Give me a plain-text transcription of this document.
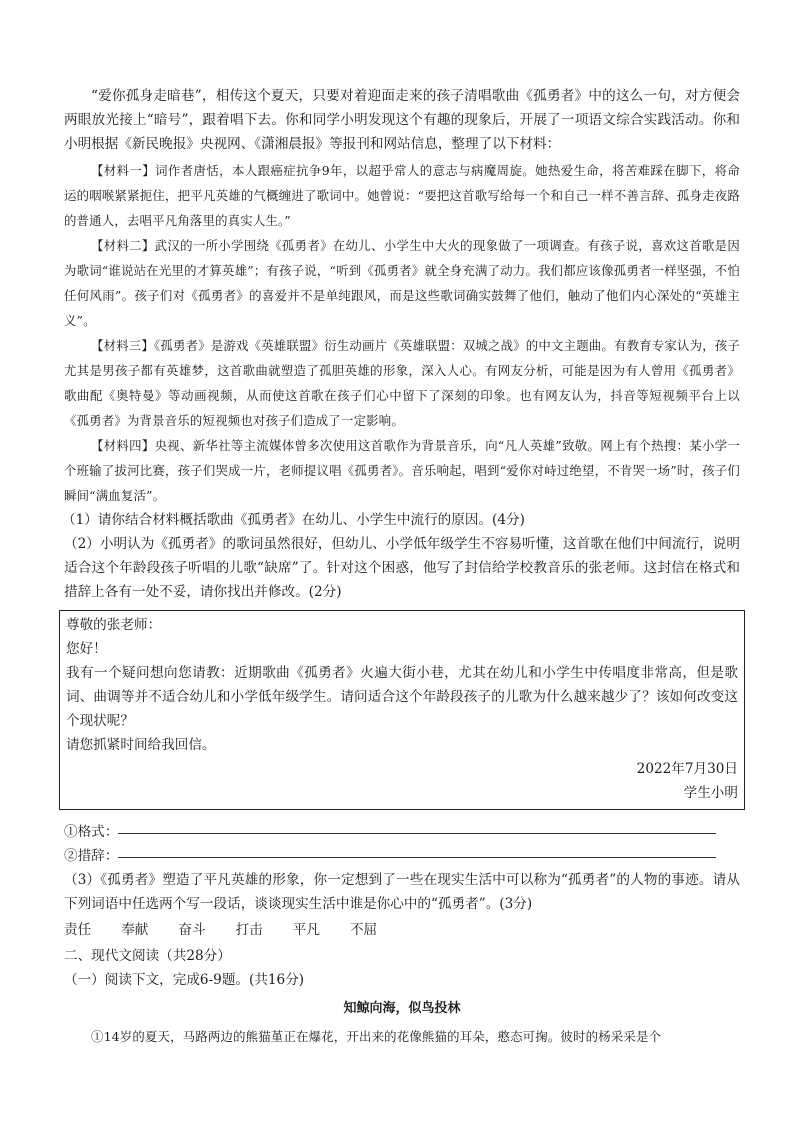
“爱你孤身走暗巷”，相传这个夏天，只要对着迎面走来的孩子清唱歌曲《孤勇者》中的这么一句，对方便会两眼放光接上“暗号”，跟着唱下去。你和同学小明发现这个有趣的现象后，开展了一项语文综合实践活动。你和小明根据《新民晚报》央视网、《潇湘晨报》等报刊和网站信息，整理了以下材料：

【材料一】词作者唐恬，本人跟癌症抗争9年，以超乎常人的意志与病魔周旋。她热爱生命，将苦难踩在脚下，将命运的咽喉紧紧扼住，把平凡英雄的气概缠进了歌词中。她曾说：“要把这首歌写给每一个和自己一样不善言辞、孤身走夜路的普通人，去唱平凡角落里的真实人生。”

【材料二】武汉的一所小学围绕《孤勇者》在幼儿、小学生中大火的现象做了一项调查。有孩子说，喜欢这首歌是因为歌词“谁说站在光里的才算英雄”；有孩子说，“听到《孤勇者》就全身充满了动力。我们都应该像孤勇者一样坚强，不怕任何风雨”。孩子们对《孤勇者》的喜爱并不是单纯跟风，而是这些歌词确实鼓舞了他们，触动了他们内心深处的“英雄主义”。

【材料三】《孤勇者》是游戏《英雄联盟》衍生动画片《英雄联盟：双城之战》的中文主题曲。有教育专家认为，孩子尤其是男孩子都有英雄梦，这首歌曲就塑造了孤胆英雄的形象，深入人心。有网友分析，可能是因为有人曾用《孤勇者》歌曲配《奥特曼》等动画视频，从而使这首歌在孩子们心中留下了深刻的印象。也有网友认为，抖音等短视频平台上以《孤勇者》为背景音乐的短视频也对孩子们造成了一定影响。

【材料四】央视、新华社等主流媒体曾多次使用这首歌作为背景音乐，向“凡人英雄”致敬。网上有个热搜：某小学一个班输了拔河比赛，孩子们哭成一片，老师提议唱《孤勇者》。音乐响起，唱到“爱你对峙过绝望，不肯哭一场”时，孩子们瞬间“满血复活”。

（1）请你结合材料概括歌曲《孤勇者》在幼儿、小学生中流行的原因。(4分)

（2）小明认为《孤勇者》的歌词虽然很好，但幼儿、小学低年级学生不容易听懂，这首歌在他们中间流行，说明适合这个年龄段孩子听唱的儿歌“缺席”了。针对这个困惑，他写了封信给学校教音乐的张老师。这封信在格式和措辞上各有一处不妥，请你找出并修改。(2分)

尊敬的张老师：

您好！

我有一个疑问想向您请教：近期歌曲《孤勇者》火遍大街小巷，尤其在幼儿和小学生中传唱度非常高，但是歌词、曲调等并不适合幼儿和小学低年级学生。请问适合这个年龄段孩子的儿歌为什么越来越少了？该如何改变这个现状呢？

请您抓紧时间给我回信。

2022年7月30日

学生小明

①格式：
②措辞：

（3）《孤勇者》塑造了平凡英雄的形象，你一定想到了一些在现实生活中可以称为“孤勇者”的人物的事迹。请从下列词语中任选两个写一段话，谈谈现实生活中谁是你心中的“孤勇者”。(3分)

责任 奉献 奋斗 打击 平凡 不屈

二、现代文阅读（共28分）

（一）阅读下文，完成6-9题。(共16分)

知鲸向海，似鸟投林

①14岁的夏天，马路两边的熊猫堇正在爆花，开出来的花像熊猫的耳朵，憨态可掬。彼时的杨采采是个
